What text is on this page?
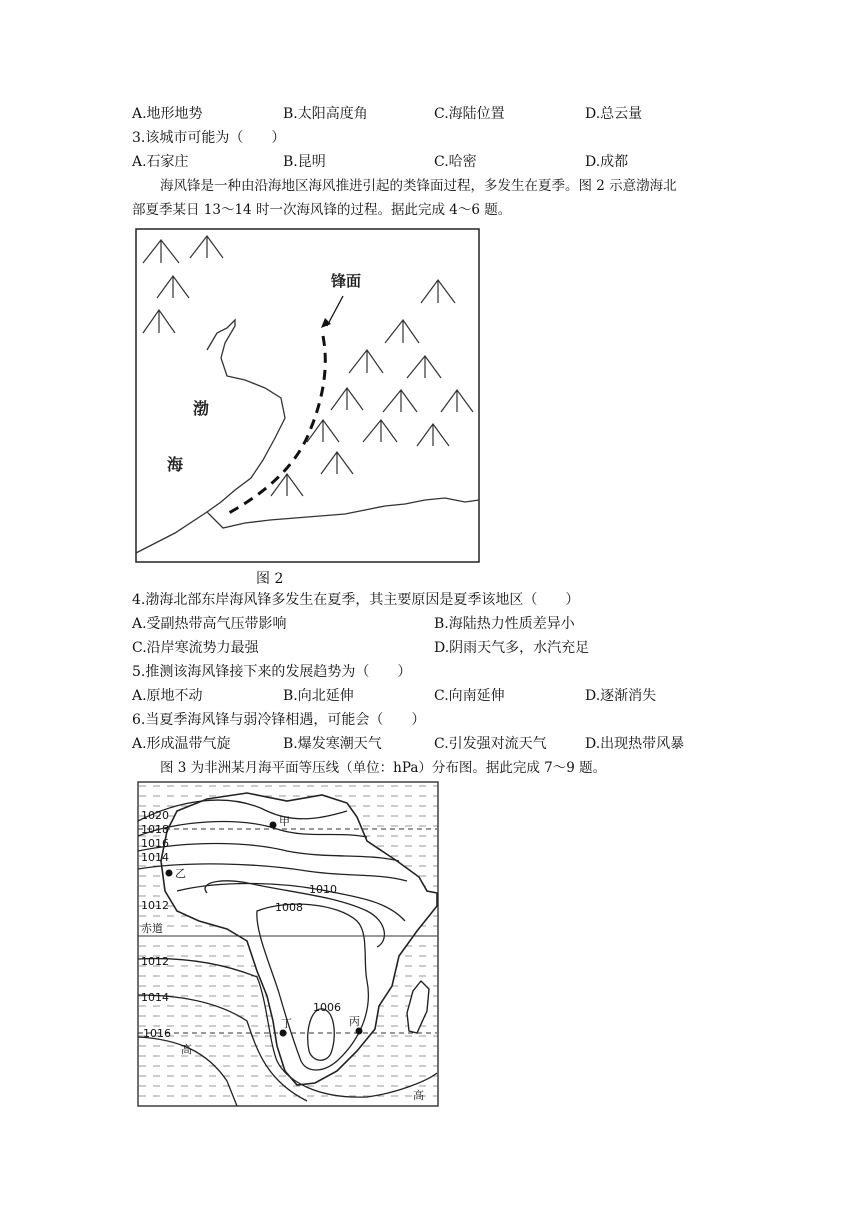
A.地形地势	B.太阳高度角	C.海陆位置	D.总云量
3.该城市可能为（　　）
A.石家庄	B.昆明	C.哈密	D.成都
海风锋是一种由沿海地区海风推进引起的类锋面过程，多发生在夏季。图 2 示意渤海北
部夏季某日 13～14 时一次海风锋的过程。据此完成 4～6 题。
锋面
渤
海
图 2
4.渤海北部东岸海风锋多发生在夏季，其主要原因是夏季该地区（　　）
A.受副热带高气压带影响	B.海陆热力性质差异小
C.沿岸寒流势力最强	D.阴雨天气多，水汽充足
5.推测该海风锋接下来的发展趋势为（　　）
A.原地不动	B.向北延伸	C.向南延伸	D.逐渐消失
6.当夏季海风锋与弱冷锋相遇，可能会（　　）
A.形成温带气旋	B.爆发寒潮天气	C.引发强对流天气	D.出现热带风暴
图 3 为非洲某月海平面等压线（单位：hPa）分布图。据此完成 7～9 题。
1020
1018
1016
1014
1012
1012
1014
1016
1010
1008
1006
赤道
甲
乙
丙
丁
高
高
